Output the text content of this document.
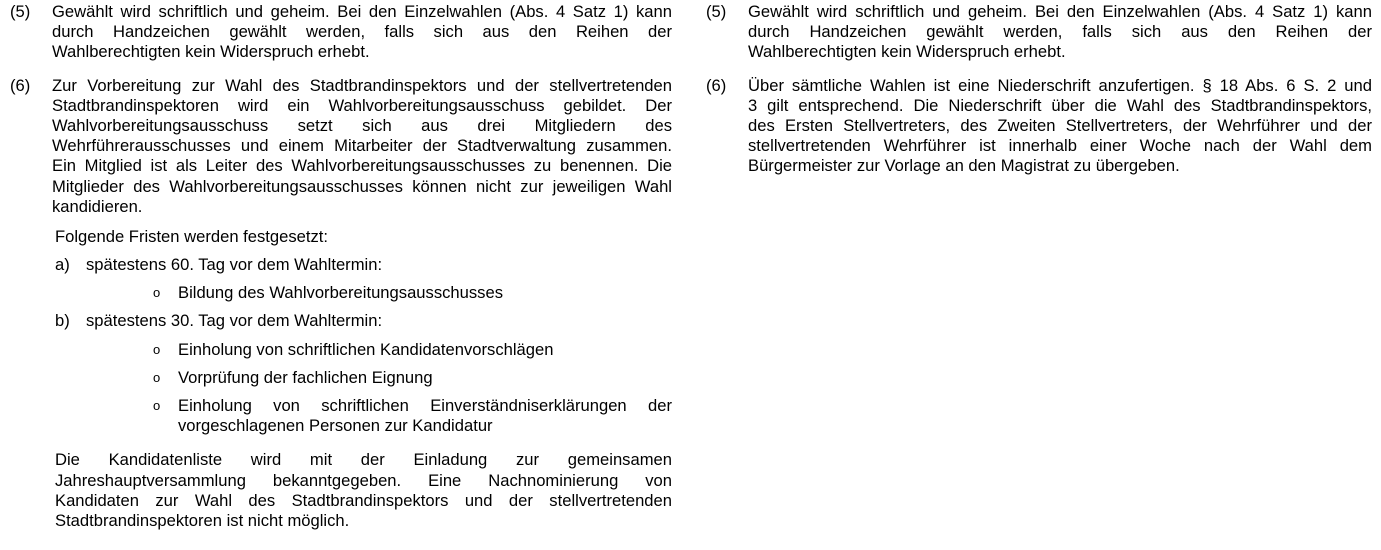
(5) Gewählt wird schriftlich und geheim. Bei den Einzelwahlen (Abs. 4 Satz 1) kann
durch Handzeichen gewählt werden, falls sich aus den Reihen der
Wahlberechtigten kein Widerspruch erhebt.
(6) Zur Vorbereitung zur Wahl des Stadtbrandinspektors und der stellvertretenden
Stadtbrandinspektoren wird ein Wahlvorbereitungsausschuss gebildet. Der
Wahlvorbereitungsausschuss setzt sich aus drei Mitgliedern des
Wehrführerausschusses und einem Mitarbeiter der Stadtverwaltung zusammen.
Ein Mitglied ist als Leiter des Wahlvorbereitungsausschusses zu benennen. Die
Mitglieder des Wahlvorbereitungsausschusses können nicht zur jeweiligen Wahl
kandidieren.
Folgende Fristen werden festgesetzt:
a) spätestens 60. Tag vor dem Wahltermin:
o Bildung des Wahlvorbereitungsausschusses
b) spätestens 30. Tag vor dem Wahltermin:
o Einholung von schriftlichen Kandidatenvorschlägen
o Vorprüfung der fachlichen Eignung
o Einholung von schriftlichen Einverständniserklärungen der
vorgeschlagenen Personen zur Kandidatur
Die Kandidatenliste wird mit der Einladung zur gemeinsamen
Jahreshauptversammlung bekanntgegeben. Eine Nachnominierung von
Kandidaten zur Wahl des Stadtbrandinspektors und der stellvertretenden
Stadtbrandinspektoren ist nicht möglich.
(5) Gewählt wird schriftlich und geheim. Bei den Einzelwahlen (Abs. 4 Satz 1) kann
durch Handzeichen gewählt werden, falls sich aus den Reihen der
Wahlberechtigten kein Widerspruch erhebt.
(6) Über sämtliche Wahlen ist eine Niederschrift anzufertigen. § 18 Abs. 6 S. 2 und
3 gilt entsprechend. Die Niederschrift über die Wahl des Stadtbrandinspektors,
des Ersten Stellvertreters, des Zweiten Stellvertreters, der Wehrführer und der
stellvertretenden Wehrführer ist innerhalb einer Woche nach der Wahl dem
Bürgermeister zur Vorlage an den Magistrat zu übergeben.
